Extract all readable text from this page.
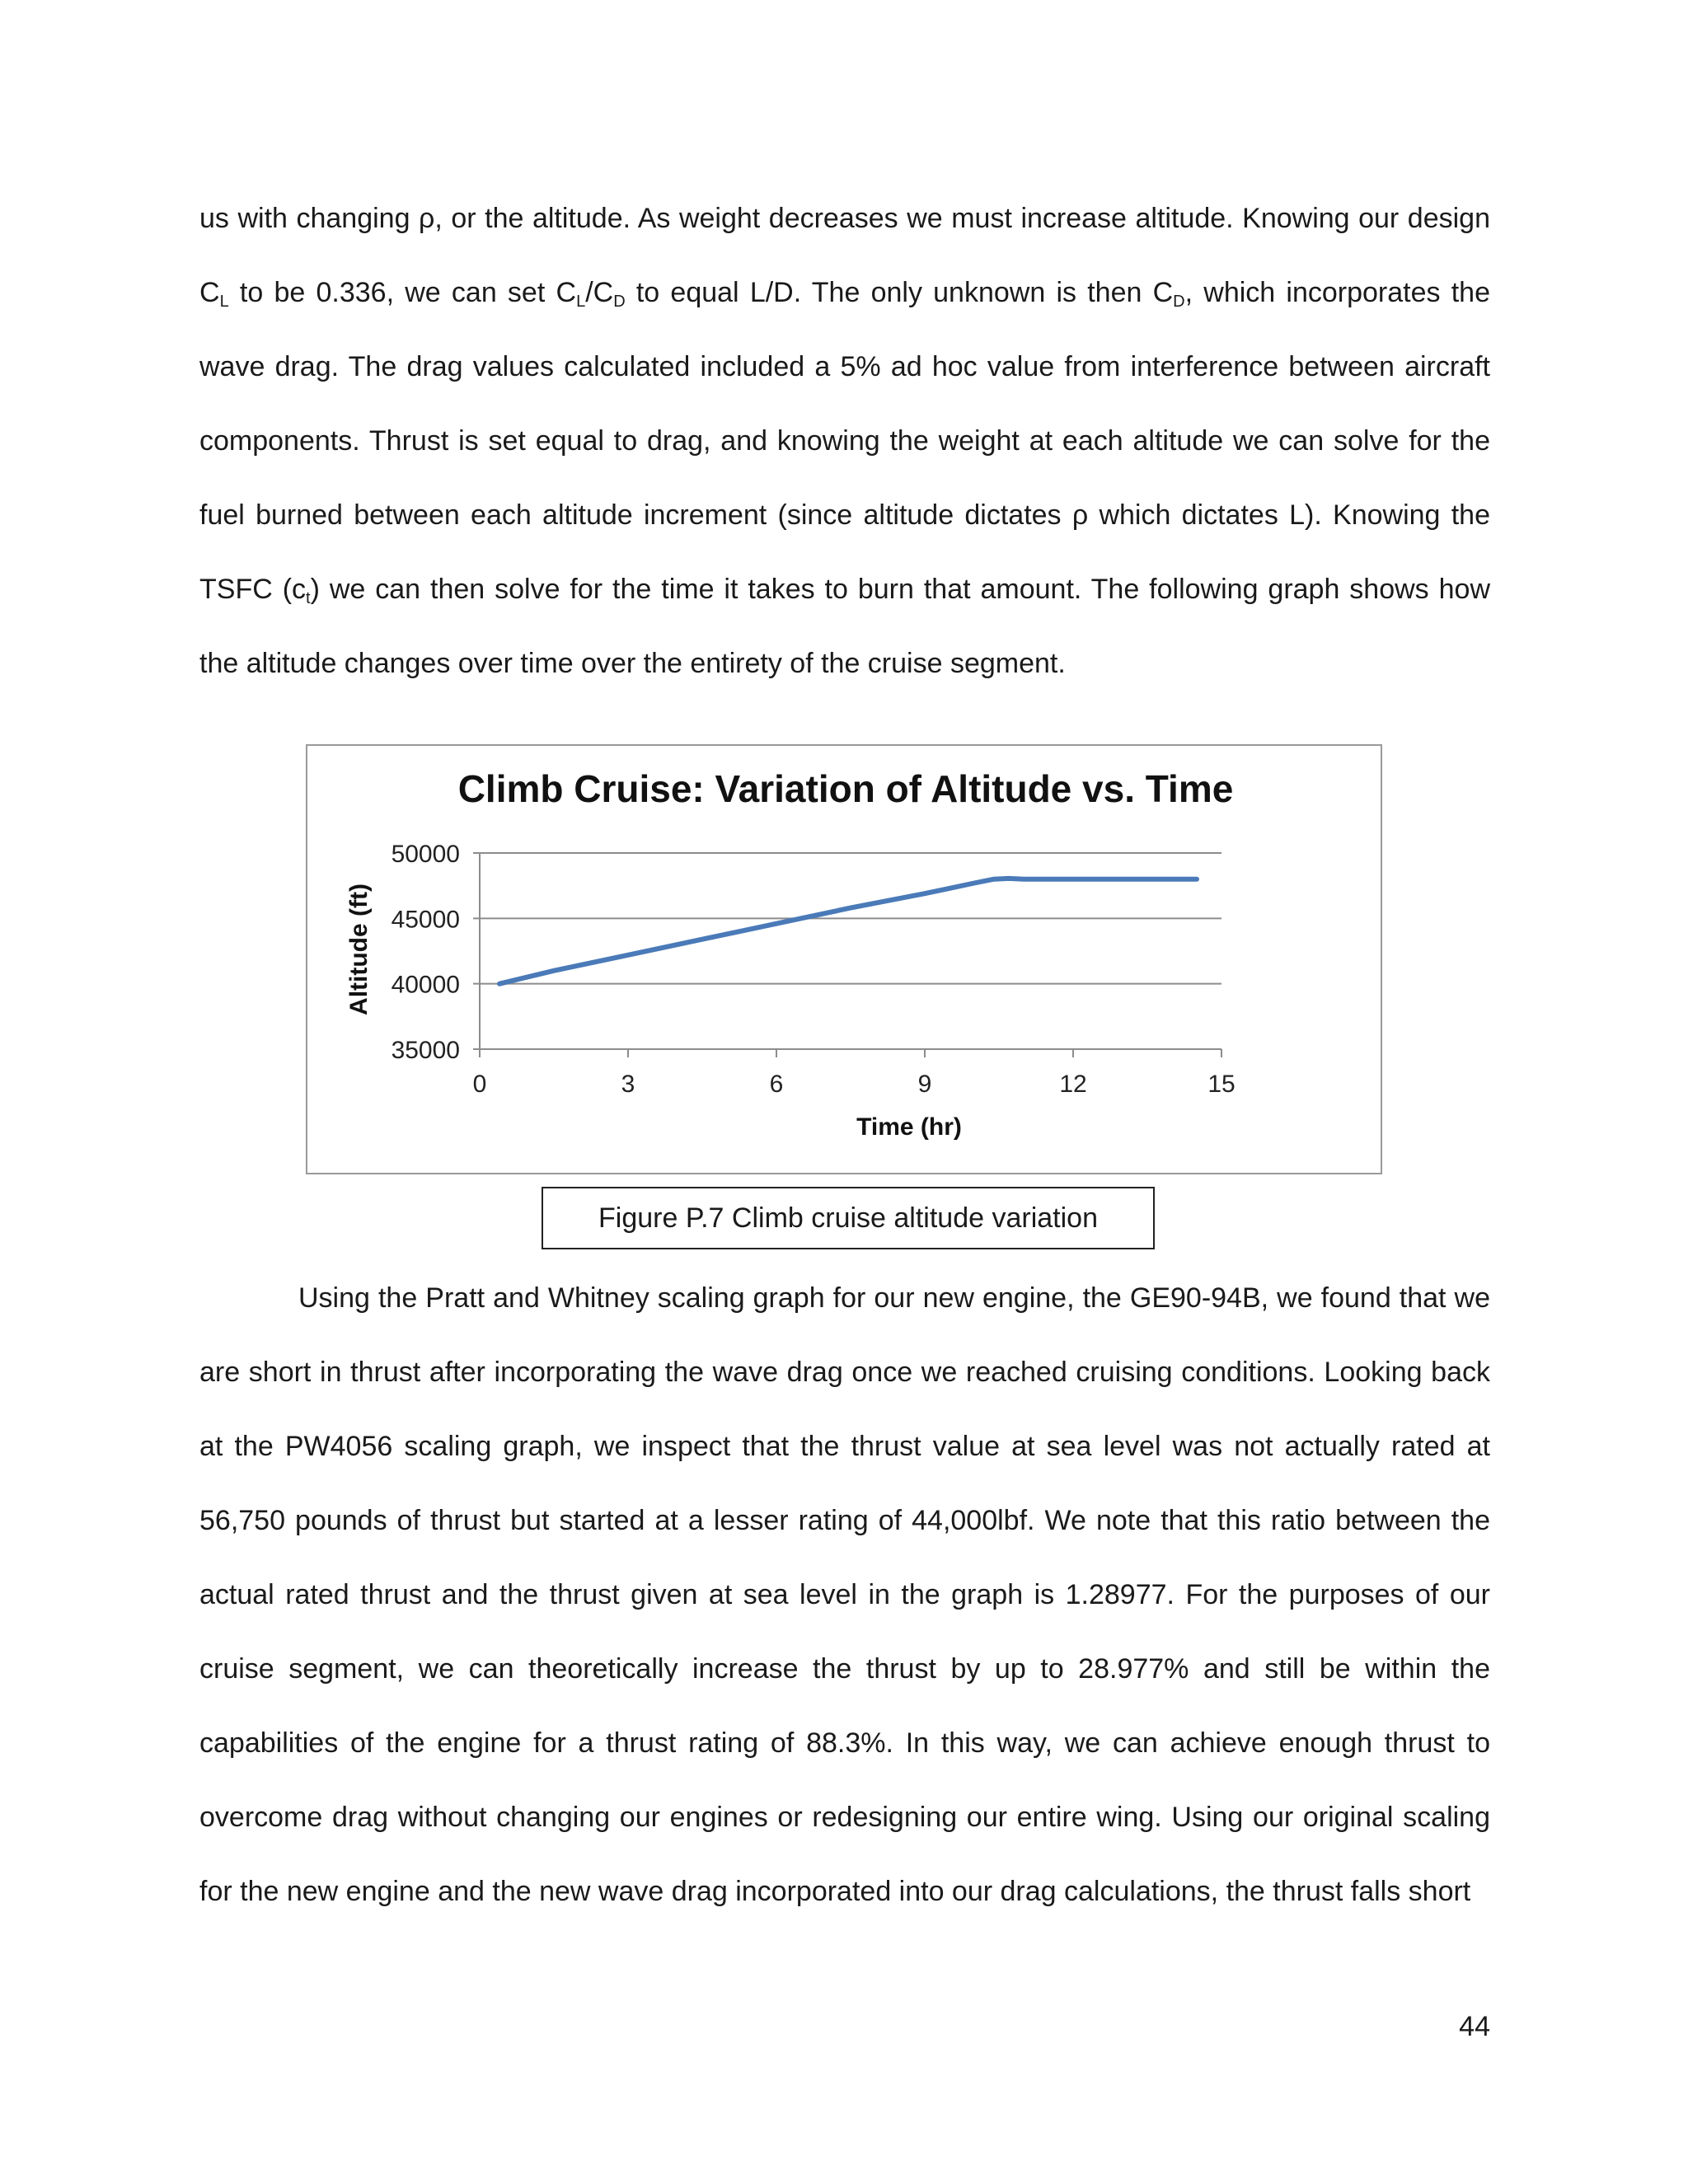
us with changing ρ, or the altitude. As weight decreases we must increase altitude. Knowing our design $C_L$ to be 0.336, we can set $C_L/C_D$ to equal L/D. The only unknown is then $C_D$, which incorporates the wave drag. The drag values calculated included a 5% ad hoc value from interference between aircraft components. Thrust is set equal to drag, and knowing the weight at each altitude we can solve for the fuel burned between each altitude increment (since altitude dictates ρ which dictates L). Knowing the TSFC $(c_t)$ we can then solve for the time it takes to burn that amount. The following graph shows how the altitude changes over time over the entirety of the cruise segment.

Climb Cruise: Variation of Altitude vs. Time
35000
40000
45000
50000
0	3	6	9	12	15
Time (hr)
Altitude (ft)
Figure P.7 Climb cruise altitude variation

Using the Pratt and Whitney scaling graph for our new engine, the GE90-94B, we found that we are short in thrust after incorporating the wave drag once we reached cruising conditions. Looking back at the PW4056 scaling graph, we inspect that the thrust value at sea level was not actually rated at 56,750 pounds of thrust but started at a lesser rating of 44,000lbf. We note that this ratio between the actual rated thrust and the thrust given at sea level in the graph is 1.28977. For the purposes of our cruise segment, we can theoretically increase the thrust by up to 28.977% and still be within the capabilities of the engine for a thrust rating of 88.3%. In this way, we can achieve enough thrust to overcome drag without changing our engines or redesigning our entire wing. Using our original scaling for the new engine and the new wave drag incorporated into our drag calculations, the thrust falls short

44
